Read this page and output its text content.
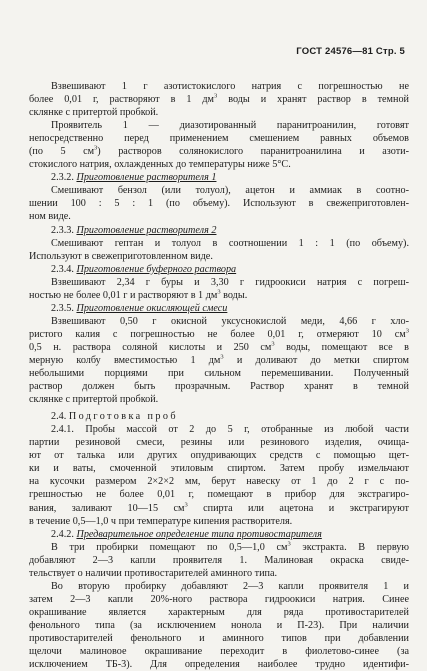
ГОСТ 24576—81 Стр. 5
Взвешивают 1 г азотистокислого натрия с погрешностью не
более 0,01 г, растворяют в 1 $дм^3$ воды и хранят раствор в темной
склянке с притертой пробкой.
Проявитель 1 — диазотированный паранитроанилин, готовят
непосредственно перед применением смешением равных объемов
(по 5 $см^3$) растворов солянокислого паранитроанилина и азоти-
стокислого натрия, охлажденных до температуры ниже 5°С.
2.3.2. Приготовление растворителя 1
Смешивают бензол (или толуол), ацетон и аммиак в соотно-
шении 100 : 5 : 1 (по объему). Используют в свежеприготовлен-
ном виде.
2.3.3. Приготовление растворителя 2
Смешивают гептан и толуол в соотношении 1 : 1 (по объему).
Используют в свежеприготовленном виде.
2.3.4. Приготовление буферного раствора
Взвешивают 2,34 г буры и 3,30 г гидроокиси натрия с погреш-
ностью не более 0,01 г и растворяют в 1 $дм^3$ воды.
2.3.5. Приготовление окисляющей смеси
Взвешивают 0,50 г окисной уксуснокислой меди, 4,66 г хло-
ристого калия с погрешностью не более 0,01 г, отмеряют 10 $см^3$
0,5 н. раствора соляной кислоты и 250 $см^3$ воды, помещают все в
мерную колбу вместимостью 1 $дм^3$ и доливают до метки спиртом
небольшими порциями при сильном перемешивании. Полученный
раствор должен быть прозрачным. Раствор хранят в темной
склянке с притертой пробкой.
2.4. Подготовка проб
2.4.1. Пробы массой от 2 до 5 г, отобранные из любой части
партии резиновой смеси, резины или резинового изделия, очища-
ют от талька или других опудривающих средств с помощью щет-
ки и ваты, смоченной этиловым спиртом. Затем пробу измельчают
на кусочки размером 2×2×2 мм, берут навеску от 1 до 2 г с по-
грешностью не более 0,01 г, помещают в прибор для экстрагиро-
вания, заливают 10—15 $см^3$ спирта или ацетона и экстрагируют
в течение 0,5—1,0 ч при температуре кипения растворителя.
2.4.2. Предварительное определение типа противостарителя
В три пробирки помещают по 0,5—1,0 $см^3$ экстракта. В первую
добавляют 2—3 капли проявителя 1. Малиновая окраска свиде-
тельствует о наличии противостарителей аминного типа.
Во вторую пробирку добавляют 2—3 капли проявителя 1 и
затем 2—3 капли 20%-ного раствора гидроокиси натрия. Синее
окрашивание является характерным для ряда противостарителей
фенольного типа (за исключением нонола и П-23). При наличии
противостарителей фенольного и аминного типов при добавлении
щелочи малиновое окрашивание переходит в фиолетово-синее (за
исключением ТБ-3). Для определения наиболее трудно идентифи-
